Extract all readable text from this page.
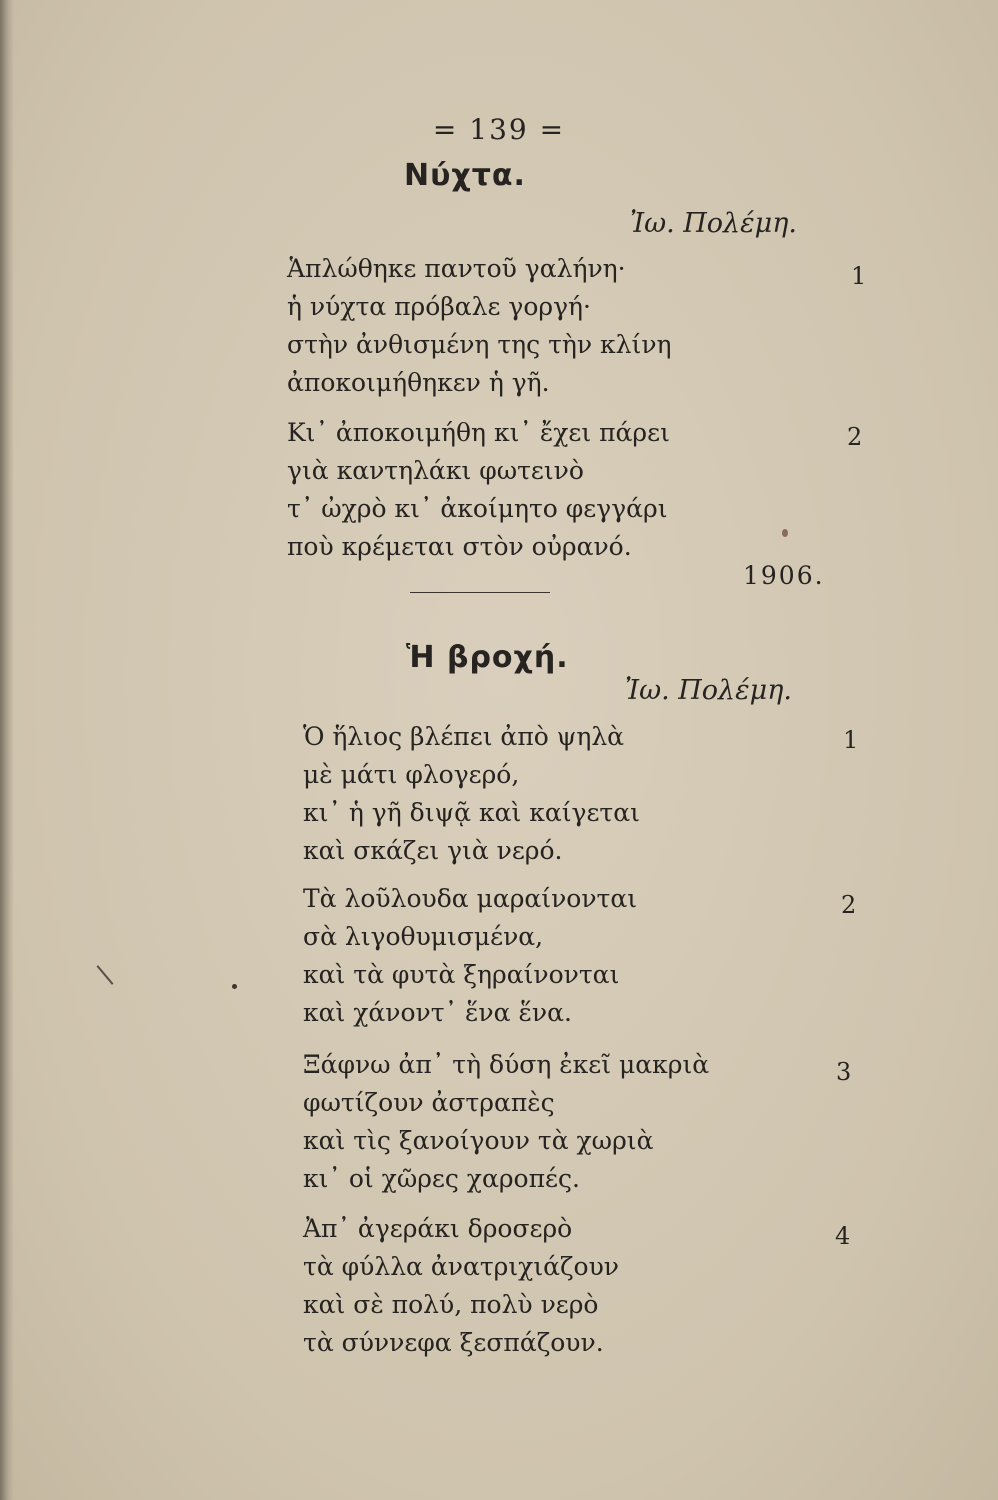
= 139 =
Νύχτα.
Ἰω. Πολέμη.
Ἁπλώθηκε παντοῦ γαλήνη·
ἡ νύχτα πρόβαλε γοργή·
στὴν ἀνθισμένη της τὴν κλίνη
ἀποκοιμήθηκεν ἡ γῆ.
1
Κι᾿ ἀποκοιμήθη κι᾿ ἔχει πάρει
γιὰ καντηλάκι φωτεινὸ
τ᾿ ὠχρὸ κι᾿ ἀκοίμητο φεγγάρι
ποὺ κρέμεται στὸν οὐρανό.
2
1906.
Ἡ βροχή.
Ἰω. Πολέμη.
Ὁ ἥλιος βλέπει ἀπὸ ψηλὰ
μὲ μάτι φλογερό,
κι᾿ ἡ γῆ διψᾷ καὶ καίγεται
καὶ σκάζει γιὰ νερό.
1
Τὰ λοῦλουδα μαραίνονται
σὰ λιγοθυμισμένα,
καὶ τὰ φυτὰ ξηραίνονται
καὶ χάνοντ᾿ ἕνα ἕνα.
2
Ξάφνω ἀπ᾿ τὴ δύση ἐκεῖ μακριὰ
φωτίζουν ἀστραπὲς
καὶ τὶς ξανοίγουν τὰ χωριὰ
κι᾿ οἱ χῶρες χαροπές.
3
Ἀπ᾿ ἀγεράκι δροσερὸ
τὰ φύλλα ἀνατριχιάζουν
καὶ σὲ πολύ, πολὺ νερὸ
τὰ σύννεφα ξεσπάζουν.
4
